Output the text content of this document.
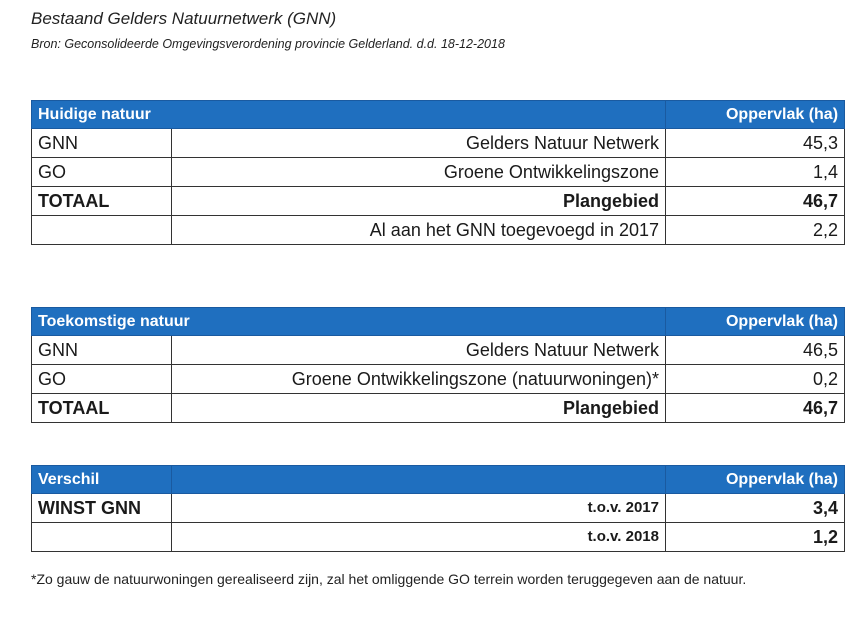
Bestaand Gelders Natuurnetwerk (GNN)
Bron: Geconsolideerde Omgevingsverordening provincie Gelderland. d.d. 18-12-2018
Huidige natuur		Oppervlak (ha)
GNN	Gelders Natuur Netwerk	45,3
GO	Groene Ontwikkelingszone	1,4
TOTAAL	Plangebied	46,7
	Al aan het GNN toegevoegd in 2017	2,2
Toekomstige natuur		Oppervlak (ha)
GNN	Gelders Natuur Netwerk	46,5
GO	Groene Ontwikkelingszone (natuurwoningen)*	0,2
TOTAAL	Plangebied	46,7
Verschil		Oppervlak (ha)
WINST GNN	t.o.v. 2017	3,4
	t.o.v. 2018	1,2
*Zo gauw de natuurwoningen gerealiseerd zijn, zal het omliggende GO terrein worden teruggegeven aan de natuur.
